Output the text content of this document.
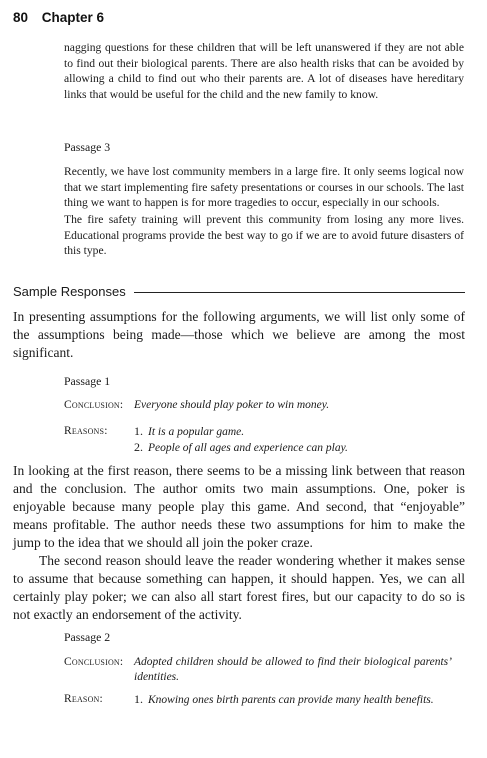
80 Chapter 6

nagging questions for these children that will be left unanswered if they are not able to find out their biological parents. There are also health risks that can be avoided by allowing a child to find out who their parents are. A lot of diseases have hereditary links that would be useful for the child and the new family to know.

Passage 3

Recently, we have lost community members in a large fire. It only seems logical now that we start implementing fire safety presentations or courses in our schools. The last thing we want to happen is for more tragedies to occur, especially in our schools.

The fire safety training will prevent this community from losing any more lives. Educational programs provide the best way to go if we are to avoid future disasters of this type.

Sample Responses

In presenting assumptions for the following arguments, we will list only some of the assumptions being made—those which we believe are among the most significant.

Passage 1
Conclusion: Everyone should play poker to win money.
Reasons: 1. It is a popular game.
2. People of all ages and experience can play.

In looking at the first reason, there seems to be a missing link between that reason and the conclusion. The author omits two main assumptions. One, poker is enjoyable because many people play this game. And second, that “enjoyable” means profitable. The author needs these two assumptions for him to make the jump to the idea that we should all join the poker craze.

The second reason should leave the reader wondering whether it makes sense to assume that because something can happen, it should happen. Yes, we can all certainly play poker; we can also all start forest fires, but our capacity to do so is not exactly an endorsement of the activity.

Passage 2
Conclusion: Adopted children should be allowed to find their biological parents’ identities.
Reason:	1. Knowing ones birth parents can provide many health benefits.
